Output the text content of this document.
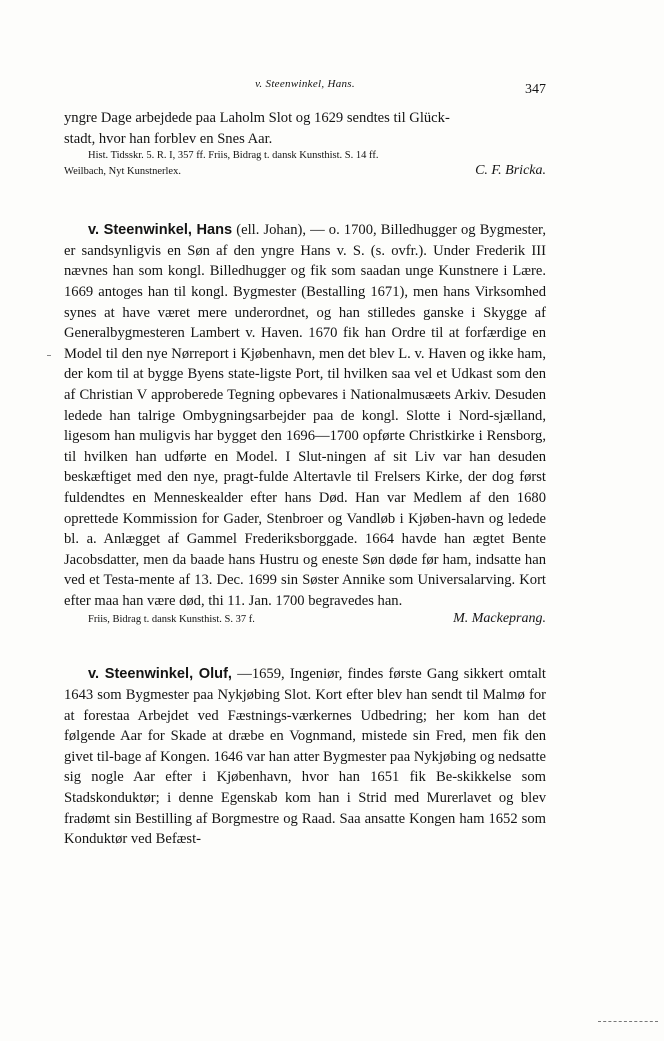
v. Steenwinkel, Hans.	347

yngre Dage arbejdede paa Laholm Slot og 1629 sendtes til Glück-

stadt, hvor han forblev en Snes Aar.

Hist. Tidsskr. 5. R. I, 357 ff. Friis, Bidrag t. dansk Kunsthist. S. 14 ff.
Weilbach, Nyt Kunstnerlex.	C. F. Bricka.

v. Steenwinkel, Hans (ell. Johan), — o. 1700, Billedhugger og Bygmester, er sandsynligvis en Søn af den yngre Hans v. S. (s. ovfr.). Under Frederik III nævnes han som kongl. Billedhugger og fik som saadan unge Kunstnere i Lære. 1669 antoges han til kongl. Bygmester (Bestalling 1671), men hans Virksomhed synes at have været mere underordnet, og han stilledes ganske i Skygge af Generalbygmesteren Lambert v. Haven. 1670 fik han Ordre til at forfærdige en Model til den nye Nørreport i Kjøbenhavn, men det blev L. v. Haven og ikke ham, der kom til at bygge Byens state-ligste Port, til hvilken saa vel et Udkast som den af Christian V approberede Tegning opbevares i Nationalmusæets Arkiv. Desuden ledede han talrige Ombygningsarbejder paa de kongl. Slotte i Nord-sjælland, ligesom han muligvis har bygget den 1696—1700 opførte Christkirke i Rensborg, til hvilken han udførte en Model. I Slut-ningen af sit Liv var han desuden beskæftiget med den nye, pragt-fulde Altertavle til Frelsers Kirke, der dog først fuldendtes en Menneskealder efter hans Død. Han var Medlem af den 1680 oprettede Kommission for Gader, Stenbroer og Vandløb i Kjøben-havn og ledede bl. a. Anlægget af Gammel Frederiksborggade. 1664 havde han ægtet Bente Jacobsdatter, men da baade hans Hustru og eneste Søn døde før ham, indsatte han ved et Testa-mente af 13. Dec. 1699 sin Søster Annike som Universalarving. Kort efter maa han være død, thi 11. Jan. 1700 begravedes han.

Friis, Bidrag t. dansk Kunsthist. S. 37 f.	M. Mackeprang.

v. Steenwinkel, Oluf, —1659, Ingeniør, findes første Gang sikkert omtalt 1643 som Bygmester paa Nykjøbing Slot. Kort efter blev han sendt til Malmø for at forestaa Arbejdet ved Fæstnings-værkernes Udbedring; her kom han det følgende Aar for Skade at dræbe en Vognmand, mistede sin Fred, men fik den givet til-bage af Kongen. 1646 var han atter Bygmester paa Nykjøbing og nedsatte sig nogle Aar efter i Kjøbenhavn, hvor han 1651 fik Be-skikkelse som Stadskonduktør; i denne Egenskab kom han i Strid med Murerlavet og blev fradømt sin Bestilling af Borgmestre og Raad. Saa ansatte Kongen ham 1652 som Konduktør ved Befæst-
